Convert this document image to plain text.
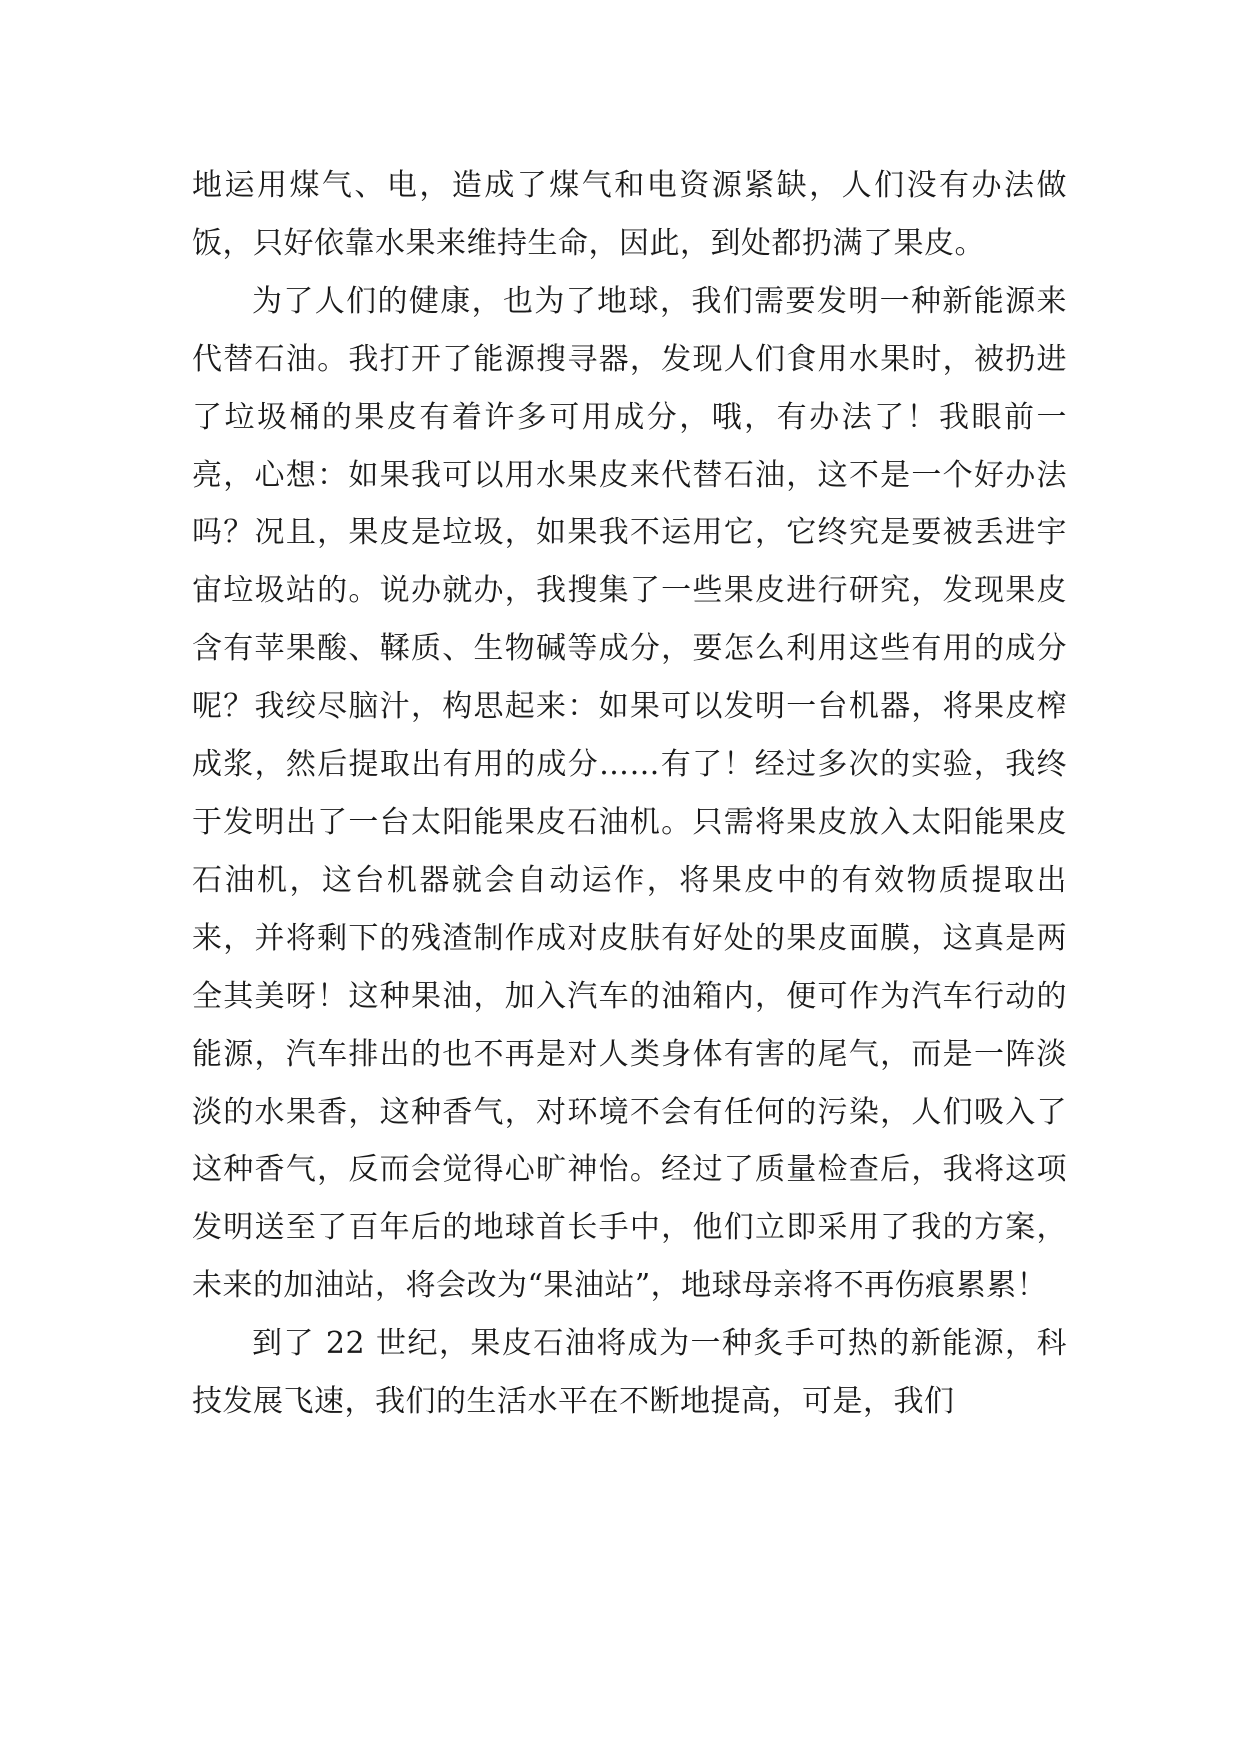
地运用煤气、电，造成了煤气和电资源紧缺，人们没有办法做饭，只好依靠水果来维持生命，因此，到处都扔满了果皮。

为了人们的健康，也为了地球，我们需要发明一种新能源来代替石油。我打开了能源搜寻器，发现人们食用水果时，被扔进了垃圾桶的果皮有着许多可用成分，哦，有办法了！我眼前一亮，心想：如果我可以用水果皮来代替石油，这不是一个好办法吗？况且，果皮是垃圾，如果我不运用它，它终究是要被丢进宇宙垃圾站的。说办就办，我搜集了一些果皮进行研究，发现果皮含有苹果酸、鞣质、生物碱等成分，要怎么利用这些有用的成分呢？我绞尽脑汁，构思起来：如果可以发明一台机器，将果皮榨成浆，然后提取出有用的成分……有了！经过多次的实验，我终于发明出了一台太阳能果皮石油机。只需将果皮放入太阳能果皮石油机，这台机器就会自动运作，将果皮中的有效物质提取出来，并将剩下的残渣制作成对皮肤有好处的果皮面膜，这真是两全其美呀！这种果油，加入汽车的油箱内，便可作为汽车行动的能源，汽车排出的也不再是对人类身体有害的尾气，而是一阵淡淡的水果香，这种香气，对环境不会有任何的污染，人们吸入了这种香气，反而会觉得心旷神怡。经过了质量检查后，我将这项发明送至了百年后的地球首长手中，他们立即采用了我的方案，未来的加油站，将会改为“果油站”，地球母亲将不再伤痕累累！

到了 22 世纪，果皮石油将成为一种炙手可热的新能源，科技发展飞速，我们的生活水平在不断地提高，可是，我们
